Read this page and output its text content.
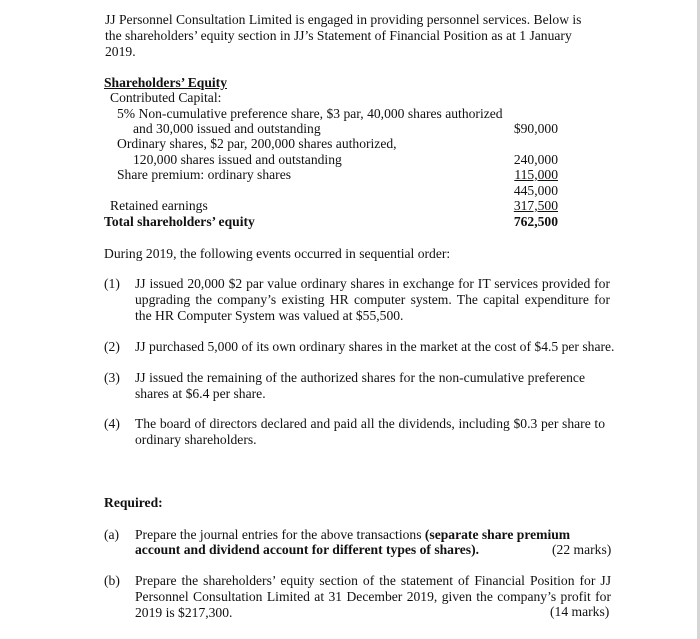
JJ Personnel Consultation Limited is engaged in providing personnel services. Below is the shareholders’ equity section in JJ’s Statement of Financial Position as at 1 January 2019.
Shareholders’ Equity
Contributed Capital:
5% Non-cumulative preference share, $3 par, 40,000 shares authorized
and 30,000 issued and outstanding	$90,000
Ordinary shares, $2 par, 200,000 shares authorized,
120,000 shares issued and outstanding	240,000
Share premium: ordinary shares	115,000
445,000
Retained earnings	317,500
Total shareholders’ equity	762,500
During 2019, the following events occurred in sequential order:
(1) JJ issued 20,000 $2 par value ordinary shares in exchange for IT services provided for upgrading the company’s existing HR computer system. The capital expenditure for the HR Computer System was valued at $55,500.
(2) JJ purchased 5,000 of its own ordinary shares in the market at the cost of $4.5 per share.
(3) JJ issued the remaining of the authorized shares for the non-cumulative preference shares at $6.4 per share.
(4) The board of directors declared and paid all the dividends, including $0.3 per share to ordinary shareholders.
Required:
(a) Prepare the journal entries for the above transactions (separate share premium
account and dividend account for different types of shares).	(22 marks)
(b) Prepare the shareholders’ equity section of the statement of Financial Position for JJ Personnel Consultation Limited at 31 December 2019, given the company’s profit for 2019 is $217,300.	(14 marks)
